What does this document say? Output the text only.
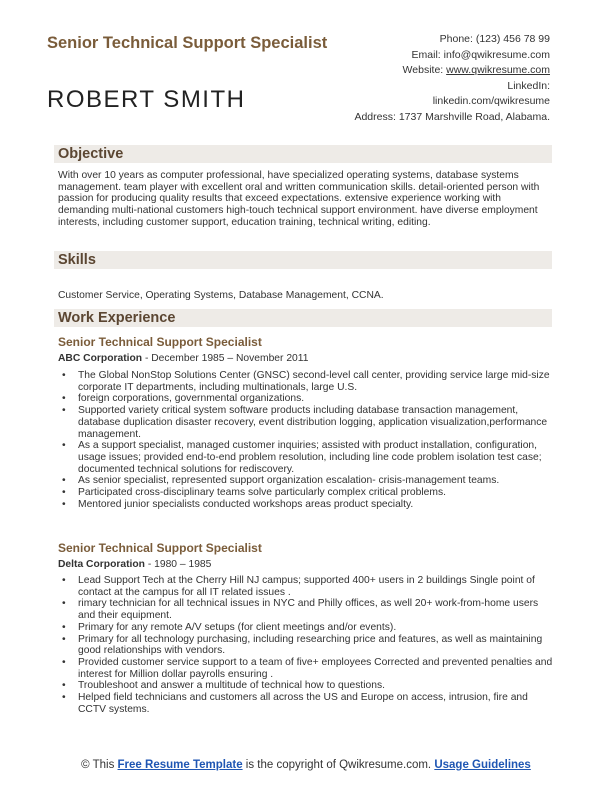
Senior Technical Support Specialist
ROBERT SMITH
Phone: (123) 456 78 99
Email: info@qwikresume.com
Website: www.qwikresume.com
LinkedIn:
linkedin.com/qwikresume
Address: 1737 Marshville Road, Alabama.
Objective
With over 10 years as computer professional, have specialized operating systems, database systems management. team player with excellent oral and written communication skills. detail-oriented person with passion for producing quality results that exceed expectations. extensive experience working with demanding multi-national customers high-touch technical support environment. have diverse employment interests, including customer support, education training, technical writing, editing.
Skills
Customer Service, Operating Systems, Database Management, CCNA.
Work Experience
Senior Technical Support Specialist
ABC Corporation - December 1985 – November 2011
• The Global NonStop Solutions Center (GNSC) second-level call center, providing service large mid-size corporate IT departments, including multinationals, large U.S.
• foreign corporations, governmental organizations.
• Supported variety critical system software products including database transaction management, database duplication disaster recovery, event distribution logging, application visualization,performance management.
• As a support specialist, managed customer inquiries; assisted with product installation, configuration, usage issues; provided end-to-end problem resolution, including line code problem isolation test case; documented technical solutions for rediscovery.
• As senior specialist, represented support organization escalation- crisis-management teams.
• Participated cross-disciplinary teams solve particularly complex critical problems.
• Mentored junior specialists conducted workshops areas product specialty.
Senior Technical Support Specialist
Delta Corporation - 1980 – 1985
• Lead Support Tech at the Cherry Hill NJ campus; supported 400+ users in 2 buildings Single point of contact at the campus for all IT related issues .
• rimary technician for all technical issues in NYC and Philly offices, as well 20+ work-from-home users and their equipment.
• Primary for any remote A/V setups (for client meetings and/or events).
• Primary for all technology purchasing, including researching price and features, as well as maintaining good relationships with vendors.
• Provided customer service support to a team of five+ employees Corrected and prevented penalties and interest for Million dollar payrolls ensuring .
• Troubleshoot and answer a multitude of technical how to questions.
• Helped field technicians and customers all across the US and Europe on access, intrusion, fire and CCTV systems.
© This Free Resume Template is the copyright of Qwikresume.com. Usage Guidelines
